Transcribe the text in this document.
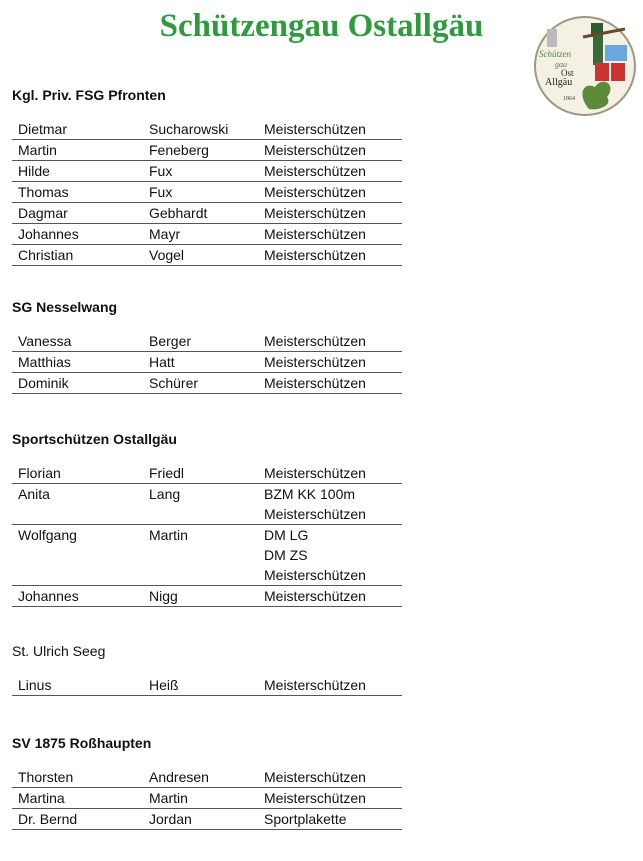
Schützengau Ostallgäu
Schützen
gau
Ost
Allgäu
1864
Kgl. Priv. FSG Pfronten
Dietmar	Sucharowski	Meisterschützen
Martin	Feneberg	Meisterschützen
Hilde	Fux	Meisterschützen
Thomas	Fux	Meisterschützen
Dagmar	Gebhardt	Meisterschützen
Johannes	Mayr	Meisterschützen
Christian	Vogel	Meisterschützen
SG Nesselwang
Vanessa	Berger	Meisterschützen
Matthias	Hatt	Meisterschützen
Dominik	Schürer	Meisterschützen
Sportschützen Ostallgäu
Florian	Friedl	Meisterschützen
Anita	Lang	BZM KK 100m
Meisterschützen
Wolfgang	Martin	DM LG
DM ZS
Meisterschützen
Johannes	Nigg	Meisterschützen
St. Ulrich Seeg
Linus	Heiß	Meisterschützen
SV 1875 Roßhaupten
Thorsten	Andresen	Meisterschützen
Martina	Martin	Meisterschützen
Dr. Bernd	Jordan	Sportplakette
